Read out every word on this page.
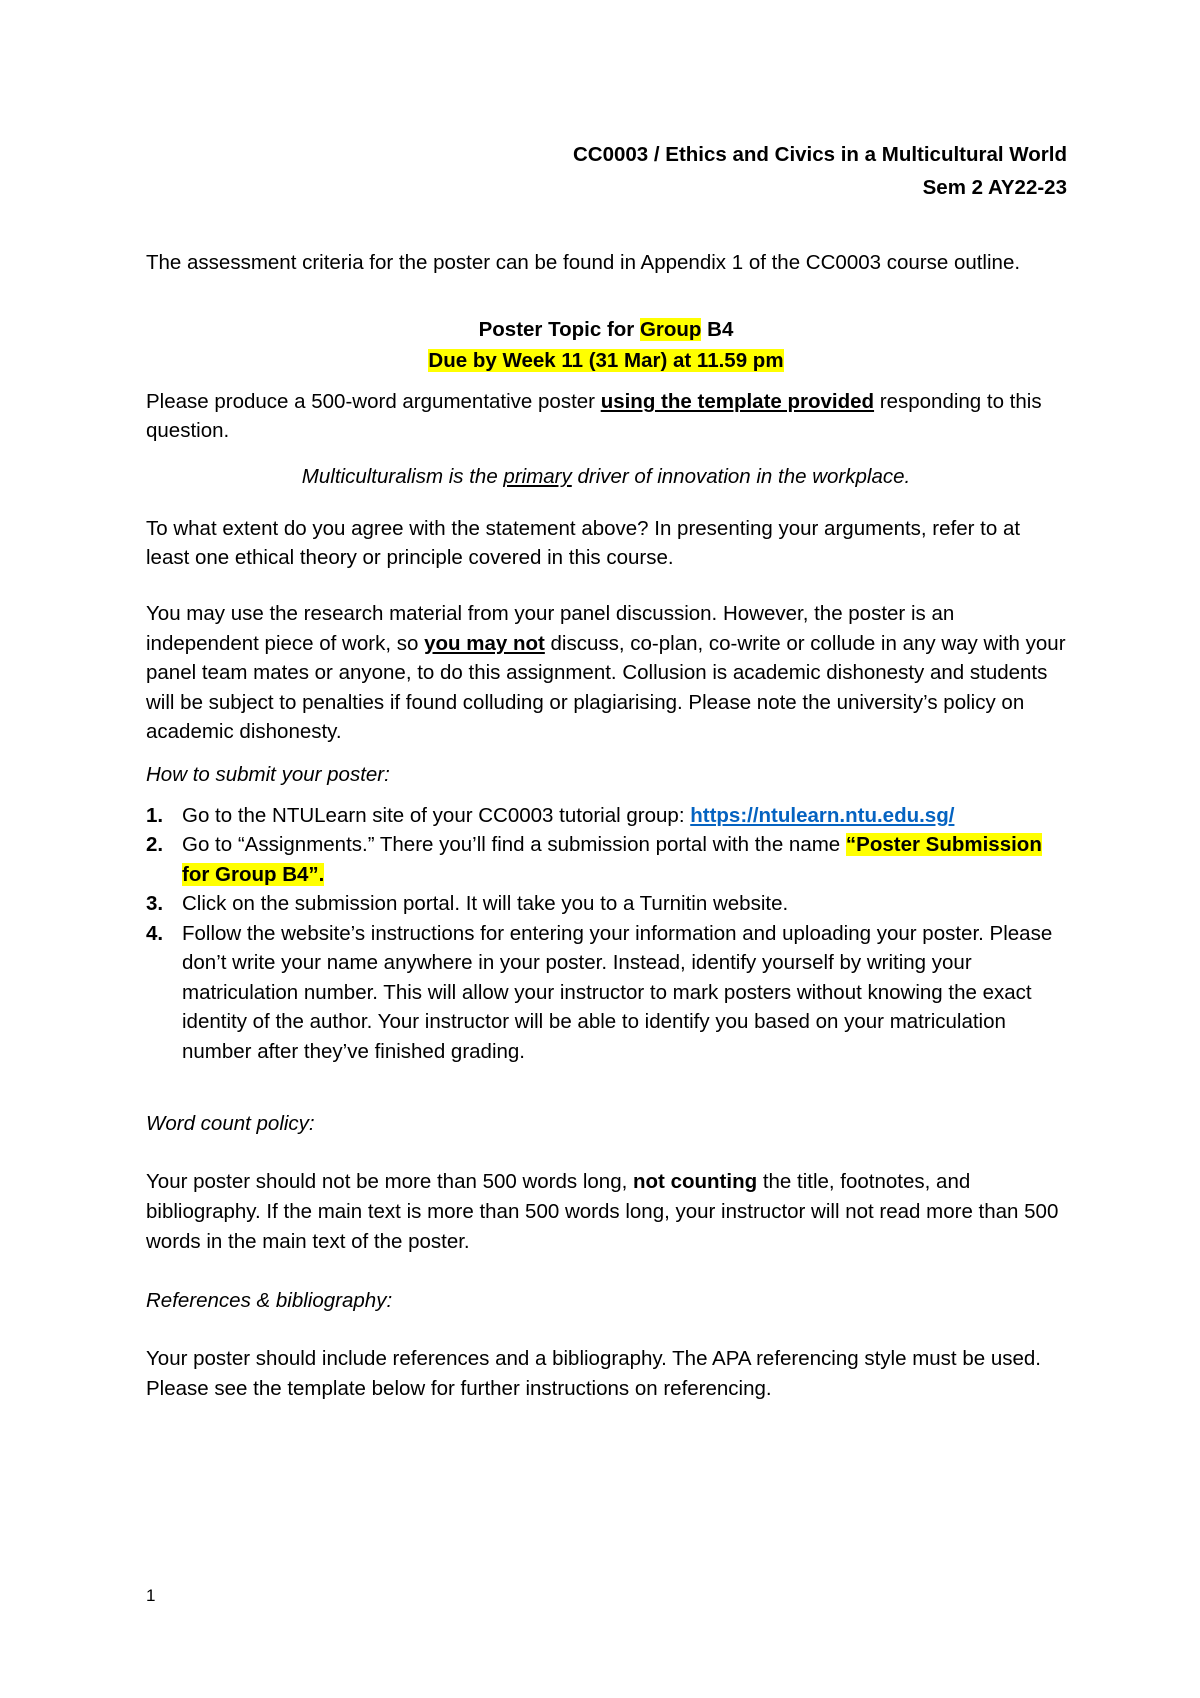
CC0003 / Ethics and Civics in a Multicultural World
Sem 2 AY22-23

The assessment criteria for the poster can be found in Appendix 1 of the CC0003 course outline.

Poster Topic for Group B4

Due by Week 11 (31 Mar) at 11.59 pm

Please produce a 500-word argumentative poster using the template provided responding to this question.

Multiculturalism is the primary driver of innovation in the workplace.

To what extent do you agree with the statement above? In presenting your arguments, refer to at least one ethical theory or principle covered in this course.

You may use the research material from your panel discussion. However, the poster is an independent piece of work, so you may not discuss, co-plan, co-write or collude in any way with your panel team mates or anyone, to do this assignment. Collusion is academic dishonesty and students will be subject to penalties if found colluding or plagiarising. Please note the university’s policy on academic dishonesty.

How to submit your poster:

1. Go to the NTULearn site of your CC0003 tutorial group: https://ntulearn.ntu.edu.sg/
2. Go to “Assignments.” There you’ll find a submission portal with the name “Poster Submission for Group B4”.
3. Click on the submission portal. It will take you to a Turnitin website.
4. Follow the website’s instructions for entering your information and uploading your poster. Please don’t write your name anywhere in your poster. Instead, identify yourself by writing your matriculation number. This will allow your instructor to mark posters without knowing the exact identity of the author. Your instructor will be able to identify you based on your matriculation number after they’ve finished grading.

Word count policy:

Your poster should not be more than 500 words long, not counting the title, footnotes, and bibliography. If the main text is more than 500 words long, your instructor will not read more than 500 words in the main text of the poster.

References & bibliography:

Your poster should include references and a bibliography. The APA referencing style must be used. Please see the template below for further instructions on referencing.

1
